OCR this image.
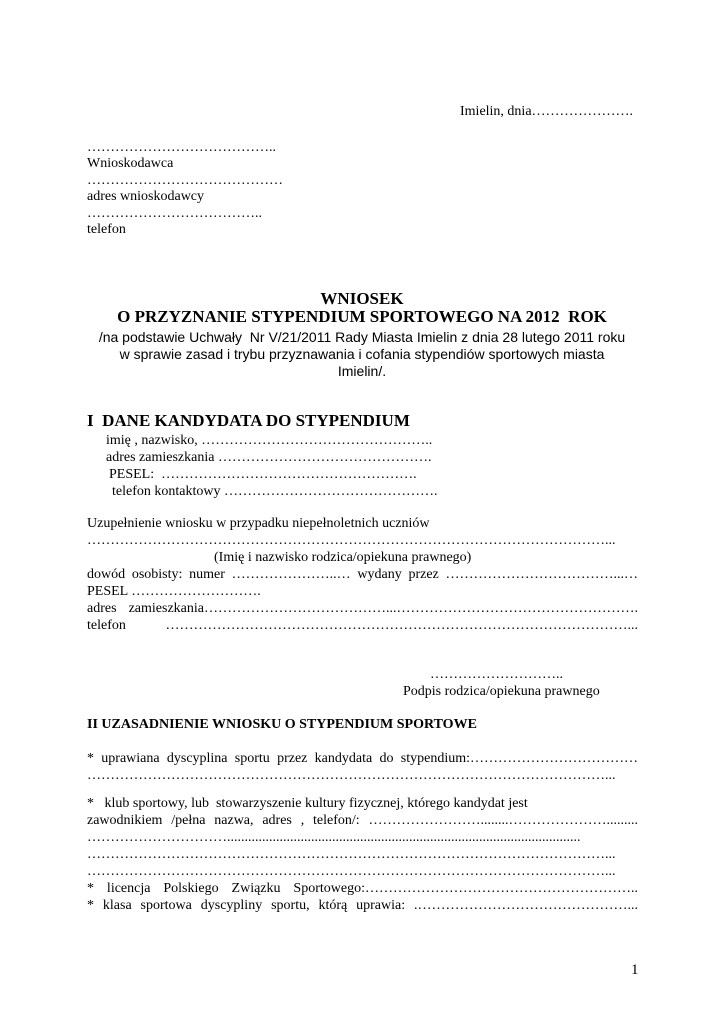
Imielin, dnia………………….
…………………………………..
Wnioskodawca
……………………………………
adres wnioskodawcy
………………………………..
telefon
WNIOSEK
O PRZYZNANIE STYPENDIUM SPORTOWEGO NA 2012  ROK
/na podstawie Uchwały  Nr V/21/2011 Rady Miasta Imielin z dnia 28 lutego 2011 roku
w sprawie zasad i trybu przyznawania i cofania stypendiów sportowych miasta
Imielin/.
I  DANE KANDYDATA DO STYPENDIUM
imię , nazwisko, …………………………………………..
adres zamieszkania ……………………………………….
PESEL:  ……………………………………………….
telefon kontaktowy ……………………………………….
Uzupełnienie wniosku w przypadku niepełnoletnich uczniów
…………………………………………………………………………………………………...
(Imię i nazwisko rodzica/opiekuna prawnego)
dowód osobisty: numer …………………..… wydany przez ………………………………...…
PESEL ……………………….
adres zamieszkania…………………………………...…………………………………………….
telefon ………………………………………………………………………………………...
………………………..
Podpis rodzica/opiekuna prawnego
II UZASADNIENIE WNIOSKU O STYPENDIUM SPORTOWE
* uprawiana dyscyplina sportu przez kandydata do stypendium:………………………………
…………………………………………………………………………………………………...
*   klub sportowy, lub  stowarzyszenie kultury fizycznej, którego kandydat jest
zawodnikiem /pełna nazwa, adres , telefon/: ……………………........………………….........
………………………….....................................................................................................
…………………………………………………………………………………………………...
…………………………………………………………………………………………………...
* licencja Polskiego Związku Sportowego:…………………………………………………..
* klasa sportowa dyscypliny sportu, którą uprawia: .………………………………………...
1
